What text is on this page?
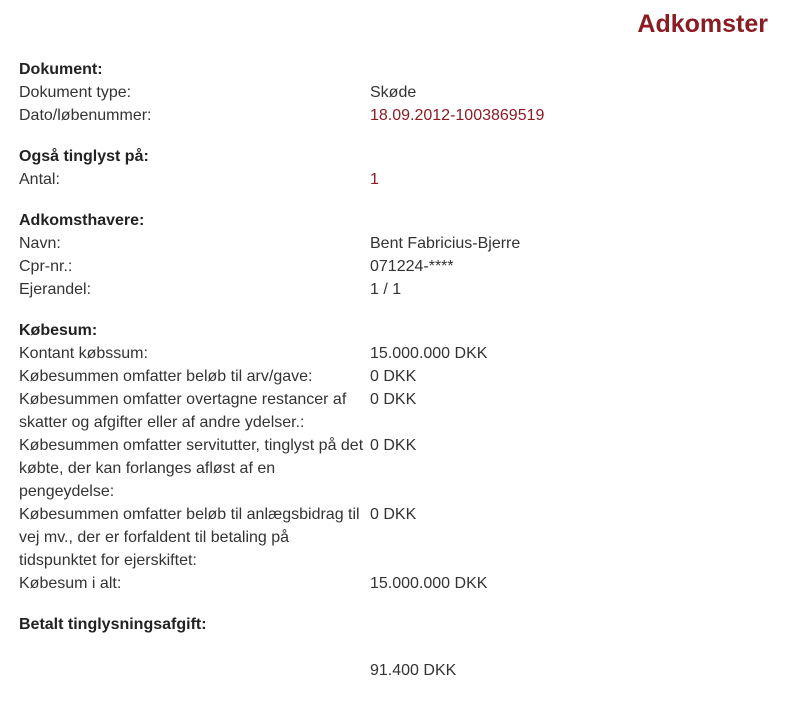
Adkomster
Dokument:
Dokument type:	Skøde
Dato/løbenummer:	18.09.2012-1003869519
Også tinglyst på:
Antal:	1
Adkomsthavere:
Navn:	Bent Fabricius-Bjerre
Cpr-nr.:	071224-****
Ejerandel:	1 / 1
Købesum:
Kontant købssum:	15.000.000 DKK
Købesummen omfatter beløb til arv/gave:	0 DKK
Købesummen omfatter overtagne restancer af skatter og afgifter eller af andre ydelser.:
0 DKK
Købesummen omfatter servitutter, tinglyst på det købte, der kan forlanges afløst af en pengeydelse:
0 DKK
Købesummen omfatter beløb til anlægsbidrag til vej mv., der er forfaldent til betaling på tidspunktet for ejerskiftet:
0 DKK
Købesum i alt:	15.000.000 DKK
Betalt tinglysningsafgift:
91.400 DKK
